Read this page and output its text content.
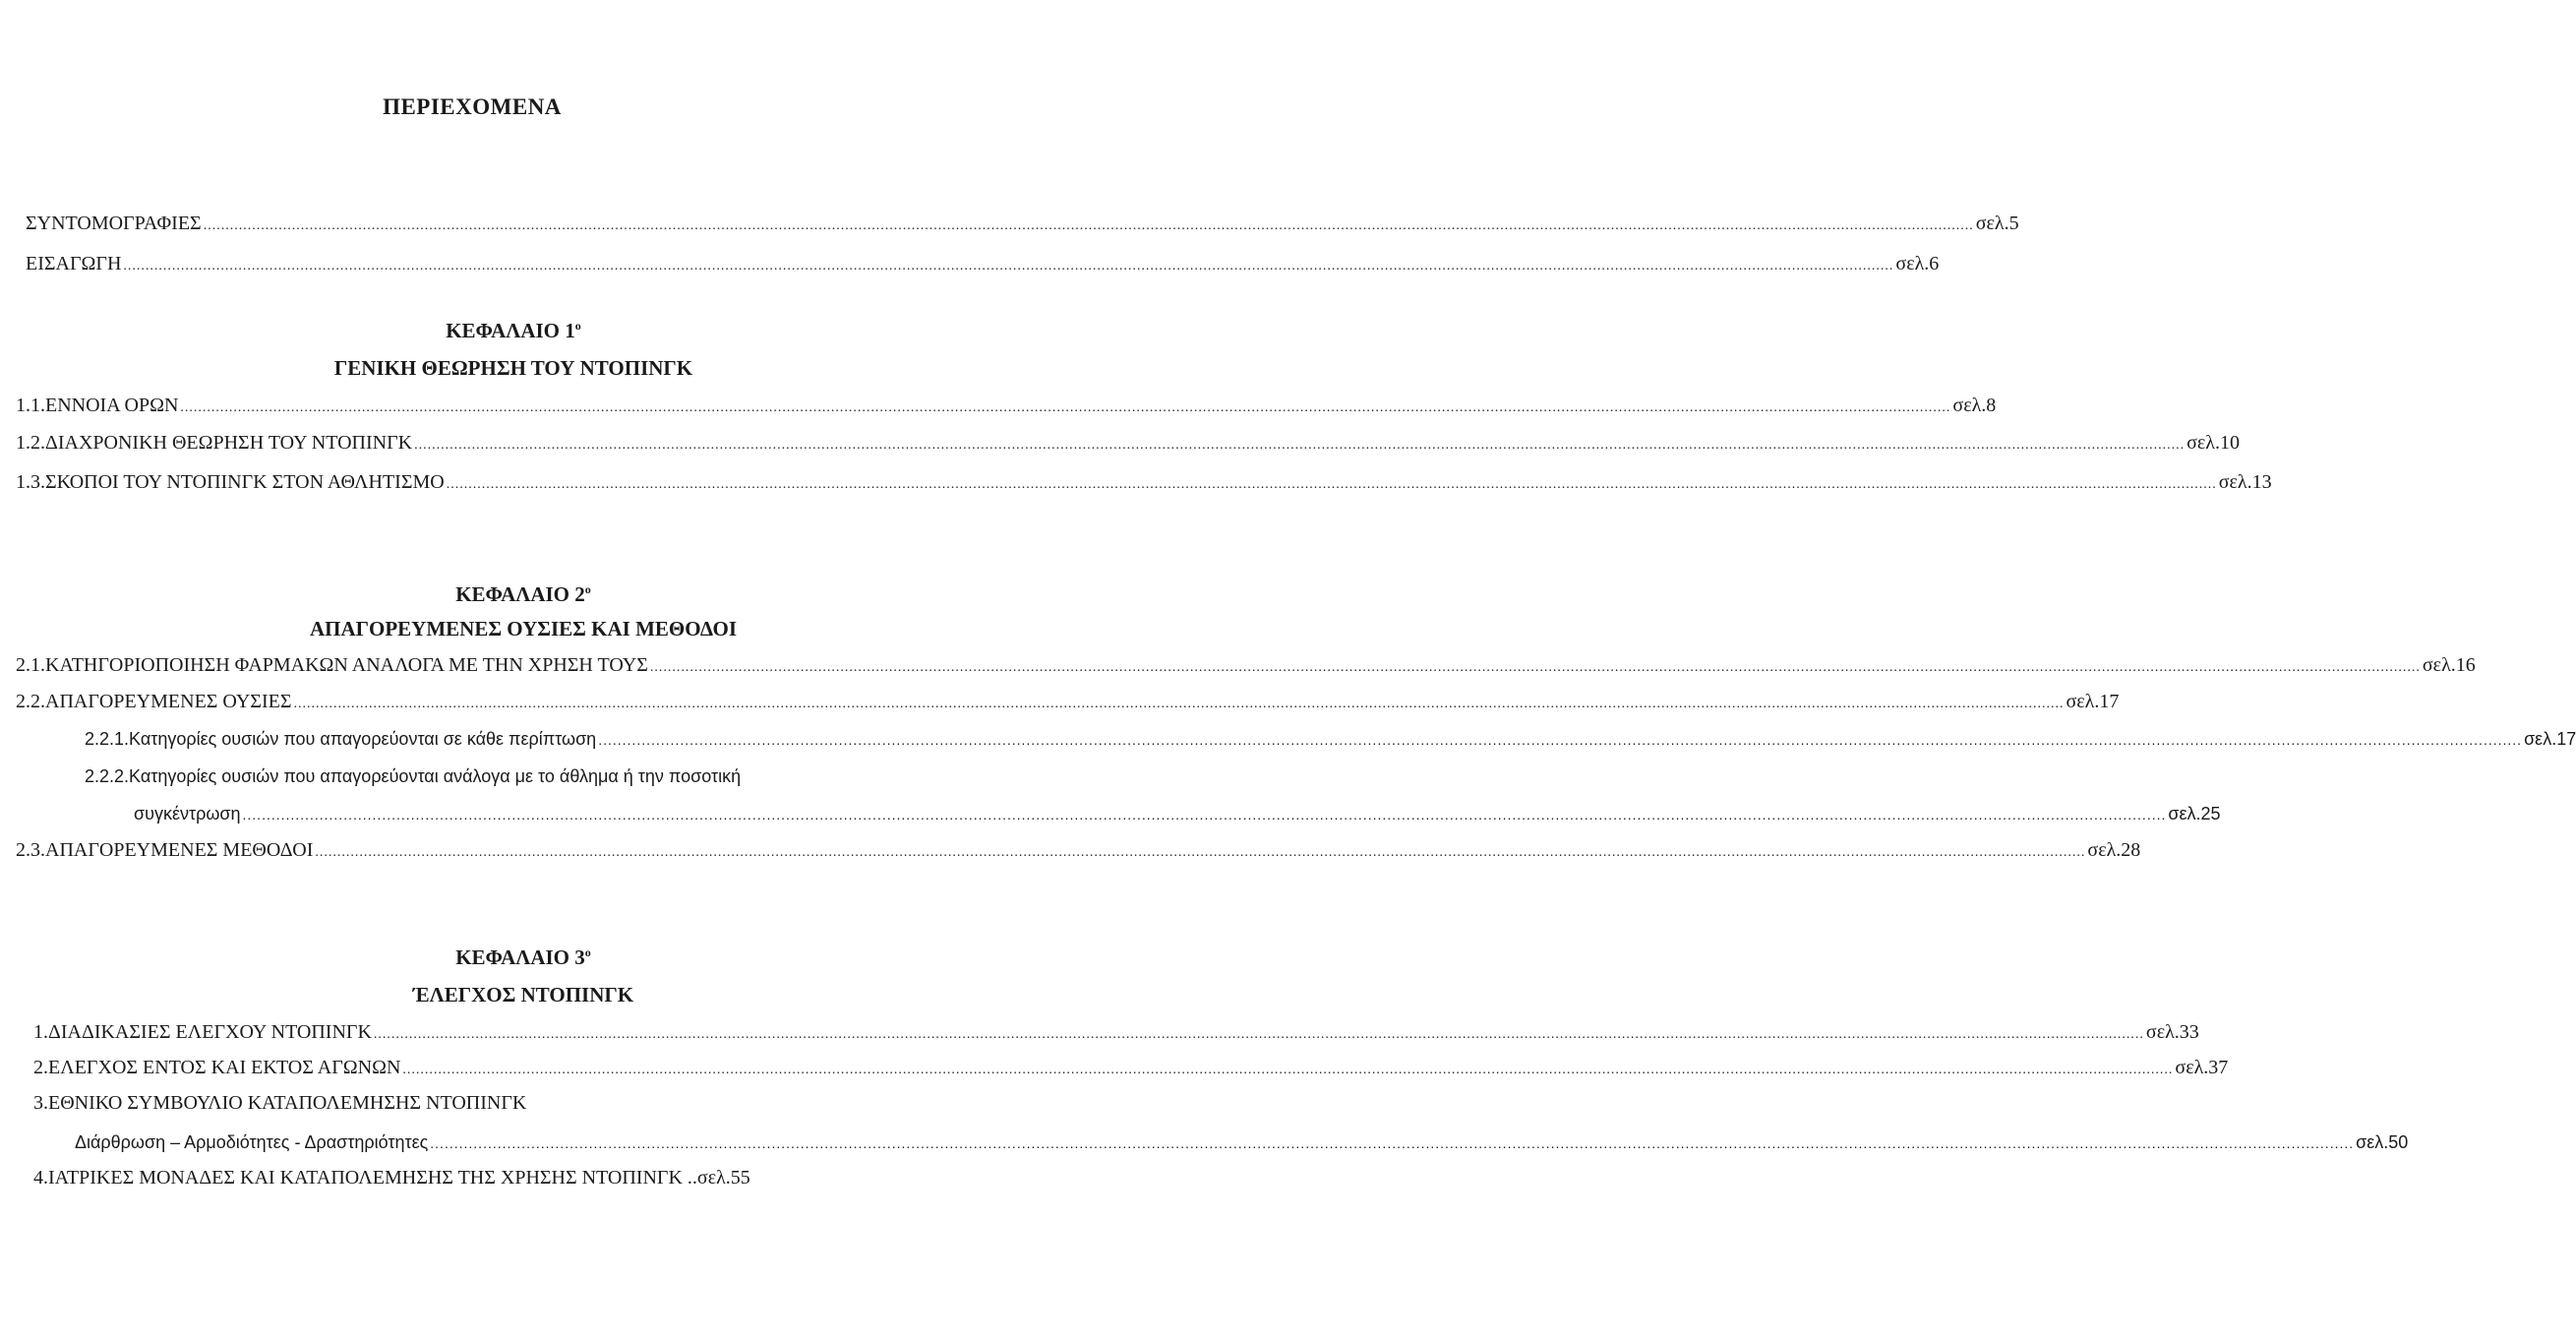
ΠΕΡΙΕΧΟΜΕΝΑ
ΣΥΝΤΟΜΟΓΡΑΦΙΕΣ ................................................................................................................................................................................................................................................................................................................................................................................................................ σελ.5
ΕΙΣΑΓΩΓΗ ................................................................................................................................................................................................................................................................................................................................................................................................................ σελ.6
ΚΕΦΑΛΑΙΟ $1^o$
ΓΕΝΙΚΗ ΘΕΩΡΗΣΗ ΤΟΥ ΝΤΟΠΙΝΓΚ
1.1.ΕΝΝΟΙΑ ΟΡΩΝ ................................................................................................................................................................................................................................................................................................................................................................................................................ σελ.8
1.2.ΔΙΑΧΡΟΝΙΚΗ ΘΕΩΡΗΣΗ ΤΟΥ ΝΤΟΠΙΝΓΚ ................................................................................................................................................................................................................................................................................................................................................................................................................ σελ.10
1.3.ΣΚΟΠΟΙ ΤΟΥ ΝΤΟΠΙΝΓΚ ΣΤΟΝ ΑΘΛΗΤΙΣΜΟ ................................................................................................................................................................................................................................................................................................................................................................................................................ σελ.13
ΚΕΦΑΛΑΙΟ $2^o$
ΑΠΑΓΟΡΕΥΜΕΝΕΣ ΟΥΣΙΕΣ ΚΑΙ ΜΕΘΟΔΟΙ
2.1.ΚΑΤΗΓΟΡΙΟΠΟΙΗΣΗ ΦΑΡΜΑΚΩΝ ΑΝΑΛΟΓΑ ΜΕ ΤΗΝ ΧΡΗΣΗ ΤΟΥΣ ................................................................................................................................................................................................................................................................................................................................................................................................................ σελ.16
2.2.ΑΠΑΓΟΡΕΥΜΕΝΕΣ ΟΥΣΙΕΣ ................................................................................................................................................................................................................................................................................................................................................................................................................ σελ.17
2.2.1.Κατηγορίες ουσιών που απαγορεύονται σε κάθε περίπτωση ................................................................................................................................................................................................................................................................................................................................................................................................................ σελ.17
2.2.2.Κατηγορίες ουσιών που απαγορεύονται ανάλογα με το άθλημα ή την ποσοτική
συγκέντρωση ................................................................................................................................................................................................................................................................................................................................................................................................................ σελ.25
2.3.ΑΠΑΓΟΡΕΥΜΕΝΕΣ ΜΕΘΟΔΟΙ ................................................................................................................................................................................................................................................................................................................................................................................................................ σελ.28
ΚΕΦΑΛΑΙΟ $3^o$
ΈΛΕΓΧΟΣ ΝΤΟΠΙΝΓΚ
1.ΔΙΑΔΙΚΑΣΙΕΣ ΕΛΕΓΧΟΥ ΝΤΟΠΙΝΓΚ ................................................................................................................................................................................................................................................................................................................................................................................................................ σελ.33
2.ΕΛΕΓΧΟΣ ΕΝΤΟΣ ΚΑΙ ΕΚΤΟΣ ΑΓΩΝΩΝ ................................................................................................................................................................................................................................................................................................................................................................................................................ σελ.37
3.ΕΘΝΙΚΟ ΣΥΜΒΟΥΛΙΟ ΚΑΤΑΠΟΛΕΜΗΣΗΣ ΝΤΟΠΙΝΓΚ
Διάρθρωση – Αρμοδιότητες - Δραστηριότητες ................................................................................................................................................................................................................................................................................................................................................................................................................ σελ.50
4.ΙΑΤΡΙΚΕΣ ΜΟΝΑΔΕΣ ΚΑΙ ΚΑΤΑΠΟΛΕΜΗΣΗΣ ΤΗΣ ΧΡΗΣΗΣ ΝΤΟΠΙΝΓΚ .. σελ.55
